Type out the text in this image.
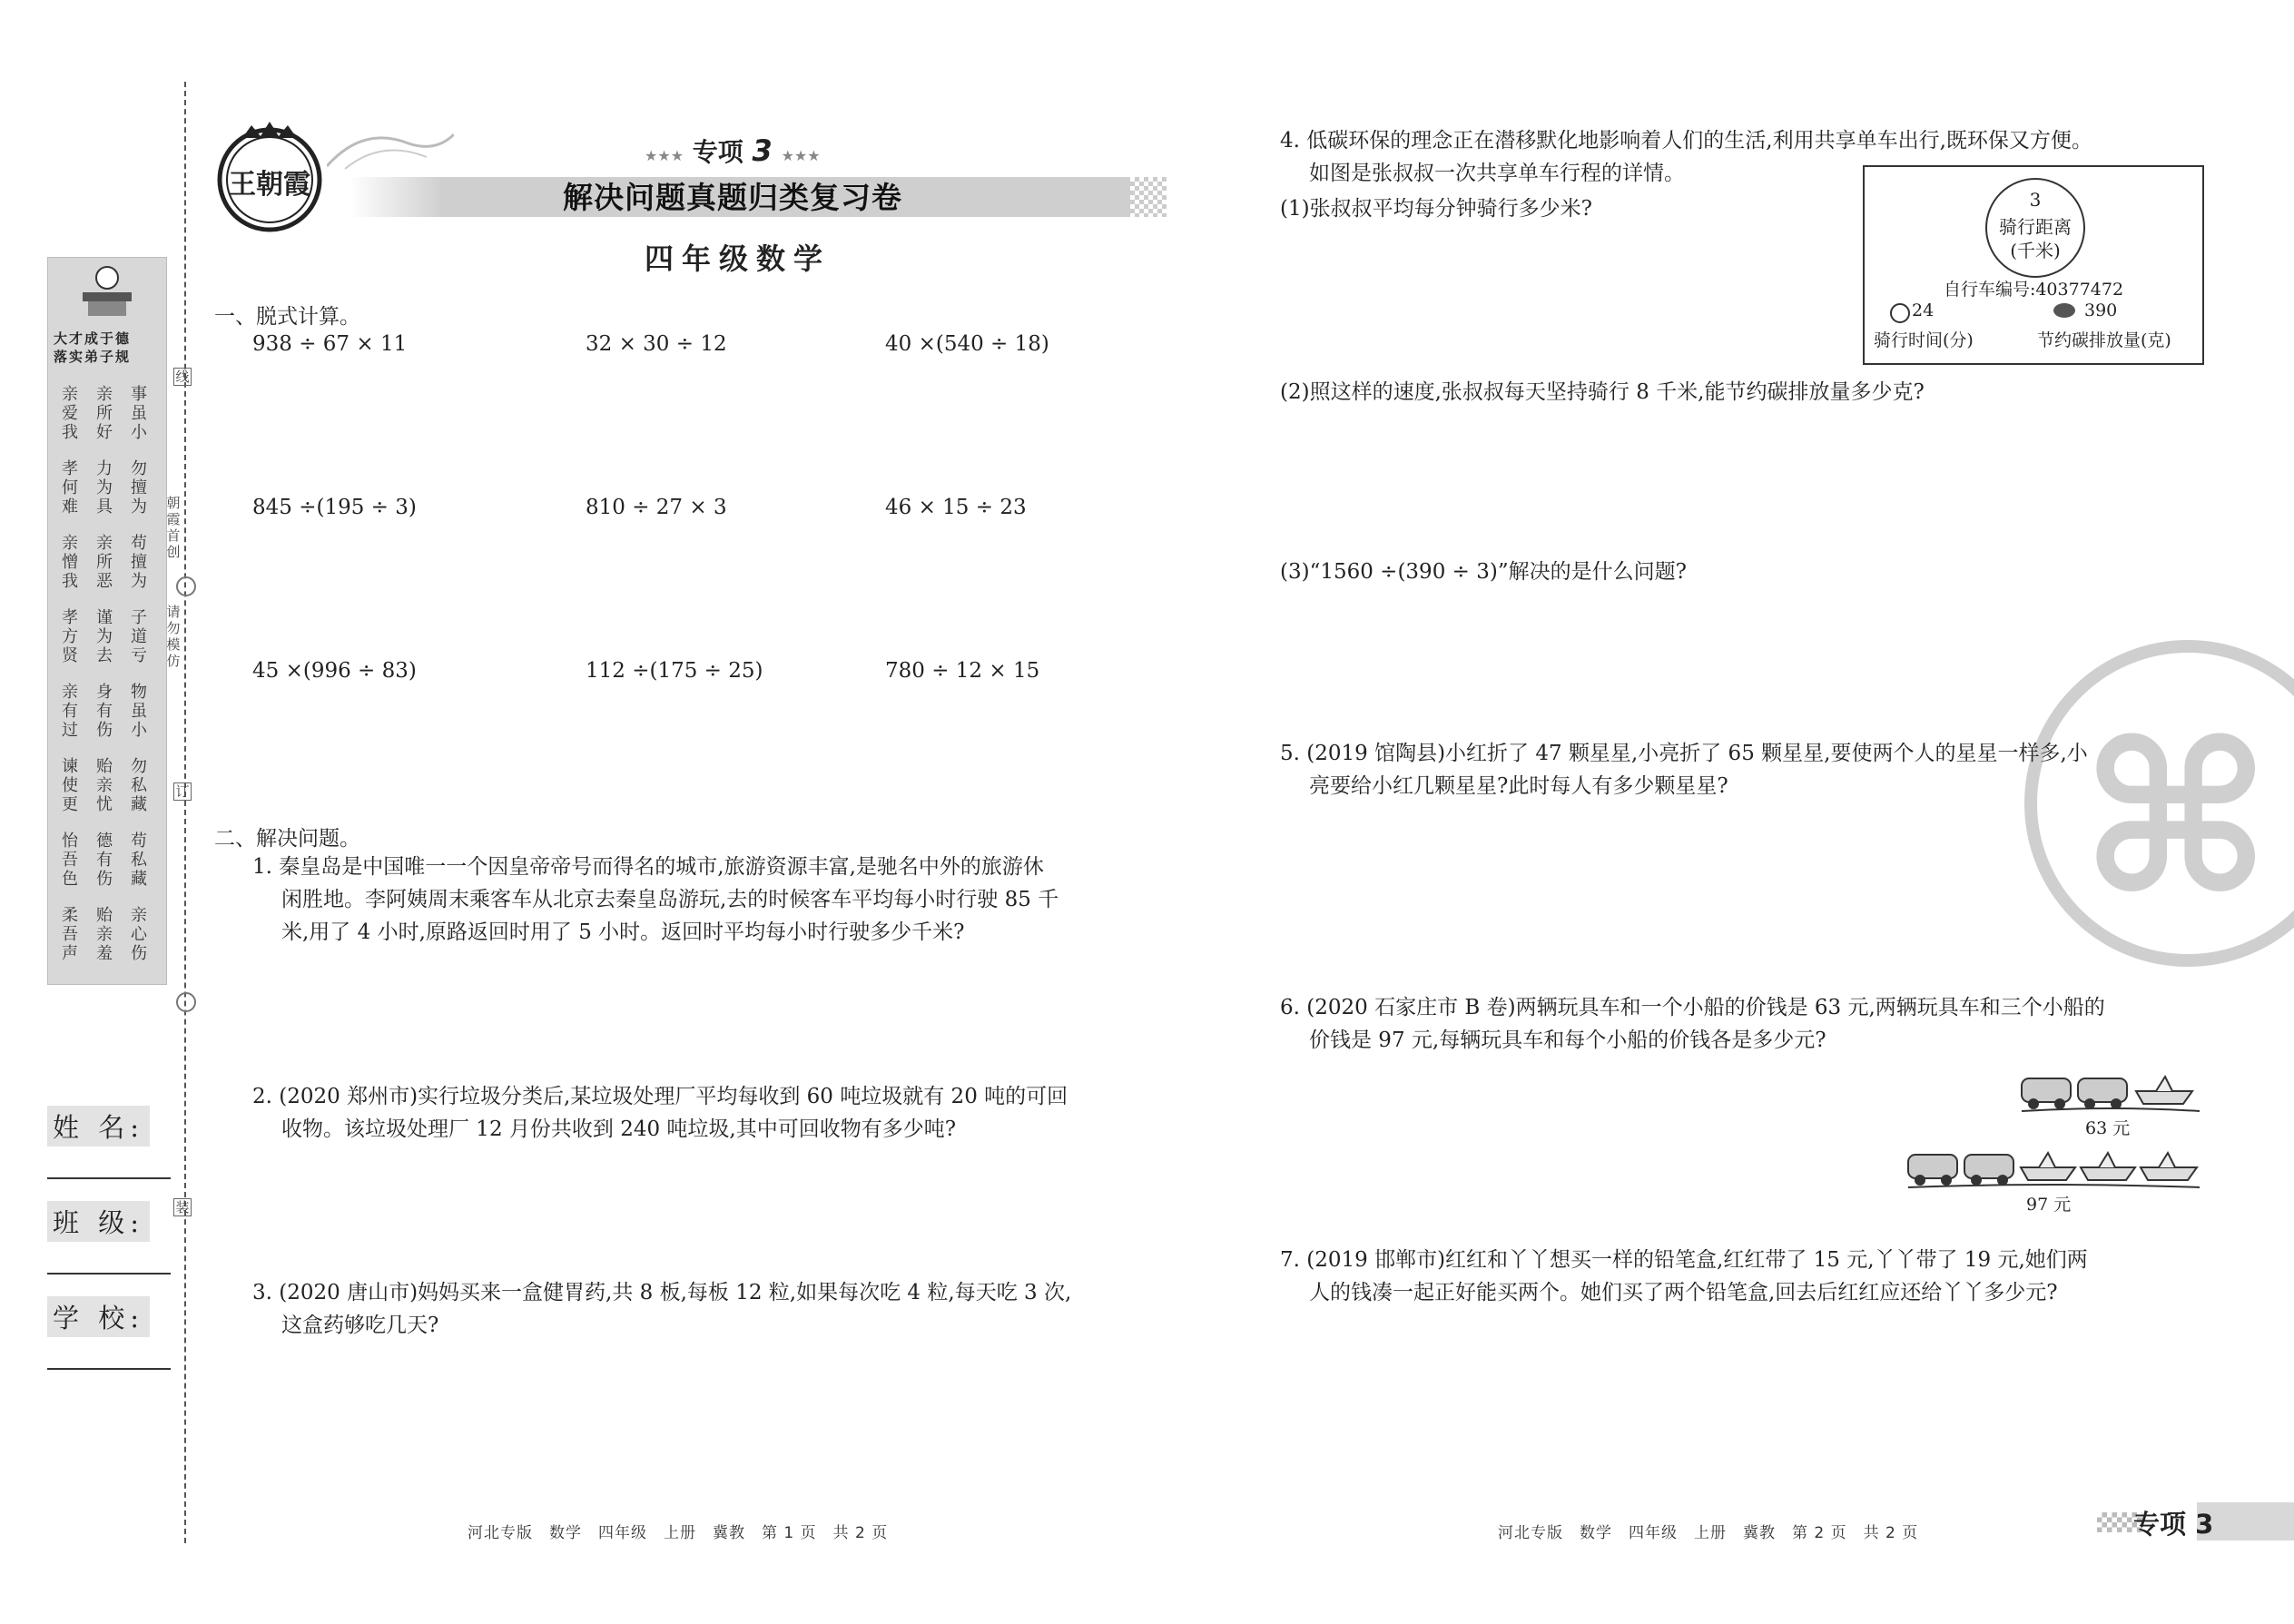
大才成于德
落实弟子规
亲
爱
我
亲
所
好
事
虽
小
孝
何
难
力
为
具
勿
擅
为
亲
憎
我
亲
所
恶
苟
擅
为
孝
方
贤
谨
为
去
子
道
亏
亲
有
过
身
有
伤
物
虽
小
谏
使
更
贻
亲
忧
勿
私
藏
怡
吾
色
德
有
伤
苟
私
藏
柔
吾
声
贻
亲
羞
亲
心
伤
线
朝
霞
首
创
请
勿
模
仿
订
装
姓 名:
班 级:
学 校:
王朝霞
★★★ 专项 3 ★★★
解决问题真题归类复习卷
四年级数学
一、脱式计算。
938 ÷ 67 × 11	32 × 30 ÷ 12	40 ×(540 ÷ 18)
845 ÷(195 ÷ 3)	810 ÷ 27 × 3	46 × 15 ÷ 23
45 ×(996 ÷ 83)	112 ÷(175 ÷ 25)	780 ÷ 12 × 15
二、解决问题。
1. 秦皇岛是中国唯一一个因皇帝帝号而得名的城市,旅游资源丰富,是驰名中外的旅游休
闲胜地。李阿姨周末乘客车从北京去秦皇岛游玩,去的时候客车平均每小时行驶 85 千
米,用了 4 小时,原路返回时用了 5 小时。返回时平均每小时行驶多少千米?
2. (2020 郑州市)实行垃圾分类后,某垃圾处理厂平均每收到 60 吨垃圾就有 20 吨的可回
收物。该垃圾处理厂 12 月份共收到 240 吨垃圾,其中可回收物有多少吨?
3. (2020 唐山市)妈妈买来一盒健胃药,共 8 板,每板 12 粒,如果每次吃 4 粒,每天吃 3 次,
这盒药够吃几天?
河北专版　数学　四年级　上册　冀教　第 1 页　共 2 页
⌘
4. 低碳环保的理念正在潜移默化地影响着人们的生活,利用共享单车出行,既环保又方便。
如图是张叔叔一次共享单车行程的详情。
(1)张叔叔平均每分钟骑行多少米?	3
骑行距离
(千米)
自行车编号:40377472
24	390
骑行时间(分)	节约碳排放量(克)
(2)照这样的速度,张叔叔每天坚持骑行 8 千米,能节约碳排放量多少克?
(3)“1560 ÷(390 ÷ 3)”解决的是什么问题?
5. (2019 馆陶县)小红折了 47 颗星星,小亮折了 65 颗星星,要使两个人的星星一样多,小
亮要给小红几颗星星?此时每人有多少颗星星?
6. (2020 石家庄市 B 卷)两辆玩具车和一个小船的价钱是 63 元,两辆玩具车和三个小船的
价钱是 97 元,每辆玩具车和每个小船的价钱各是多少元?
63 元
97 元
7. (2019 邯郸市)红红和丫丫想买一样的铅笔盒,红红带了 15 元,丫丫带了 19 元,她们两
人的钱凑一起正好能买两个。她们买了两个铅笔盒,回去后红红应还给丫丫多少元?
河北专版　数学　四年级　上册　冀教　第 2 页　共 2 页	专项 3
